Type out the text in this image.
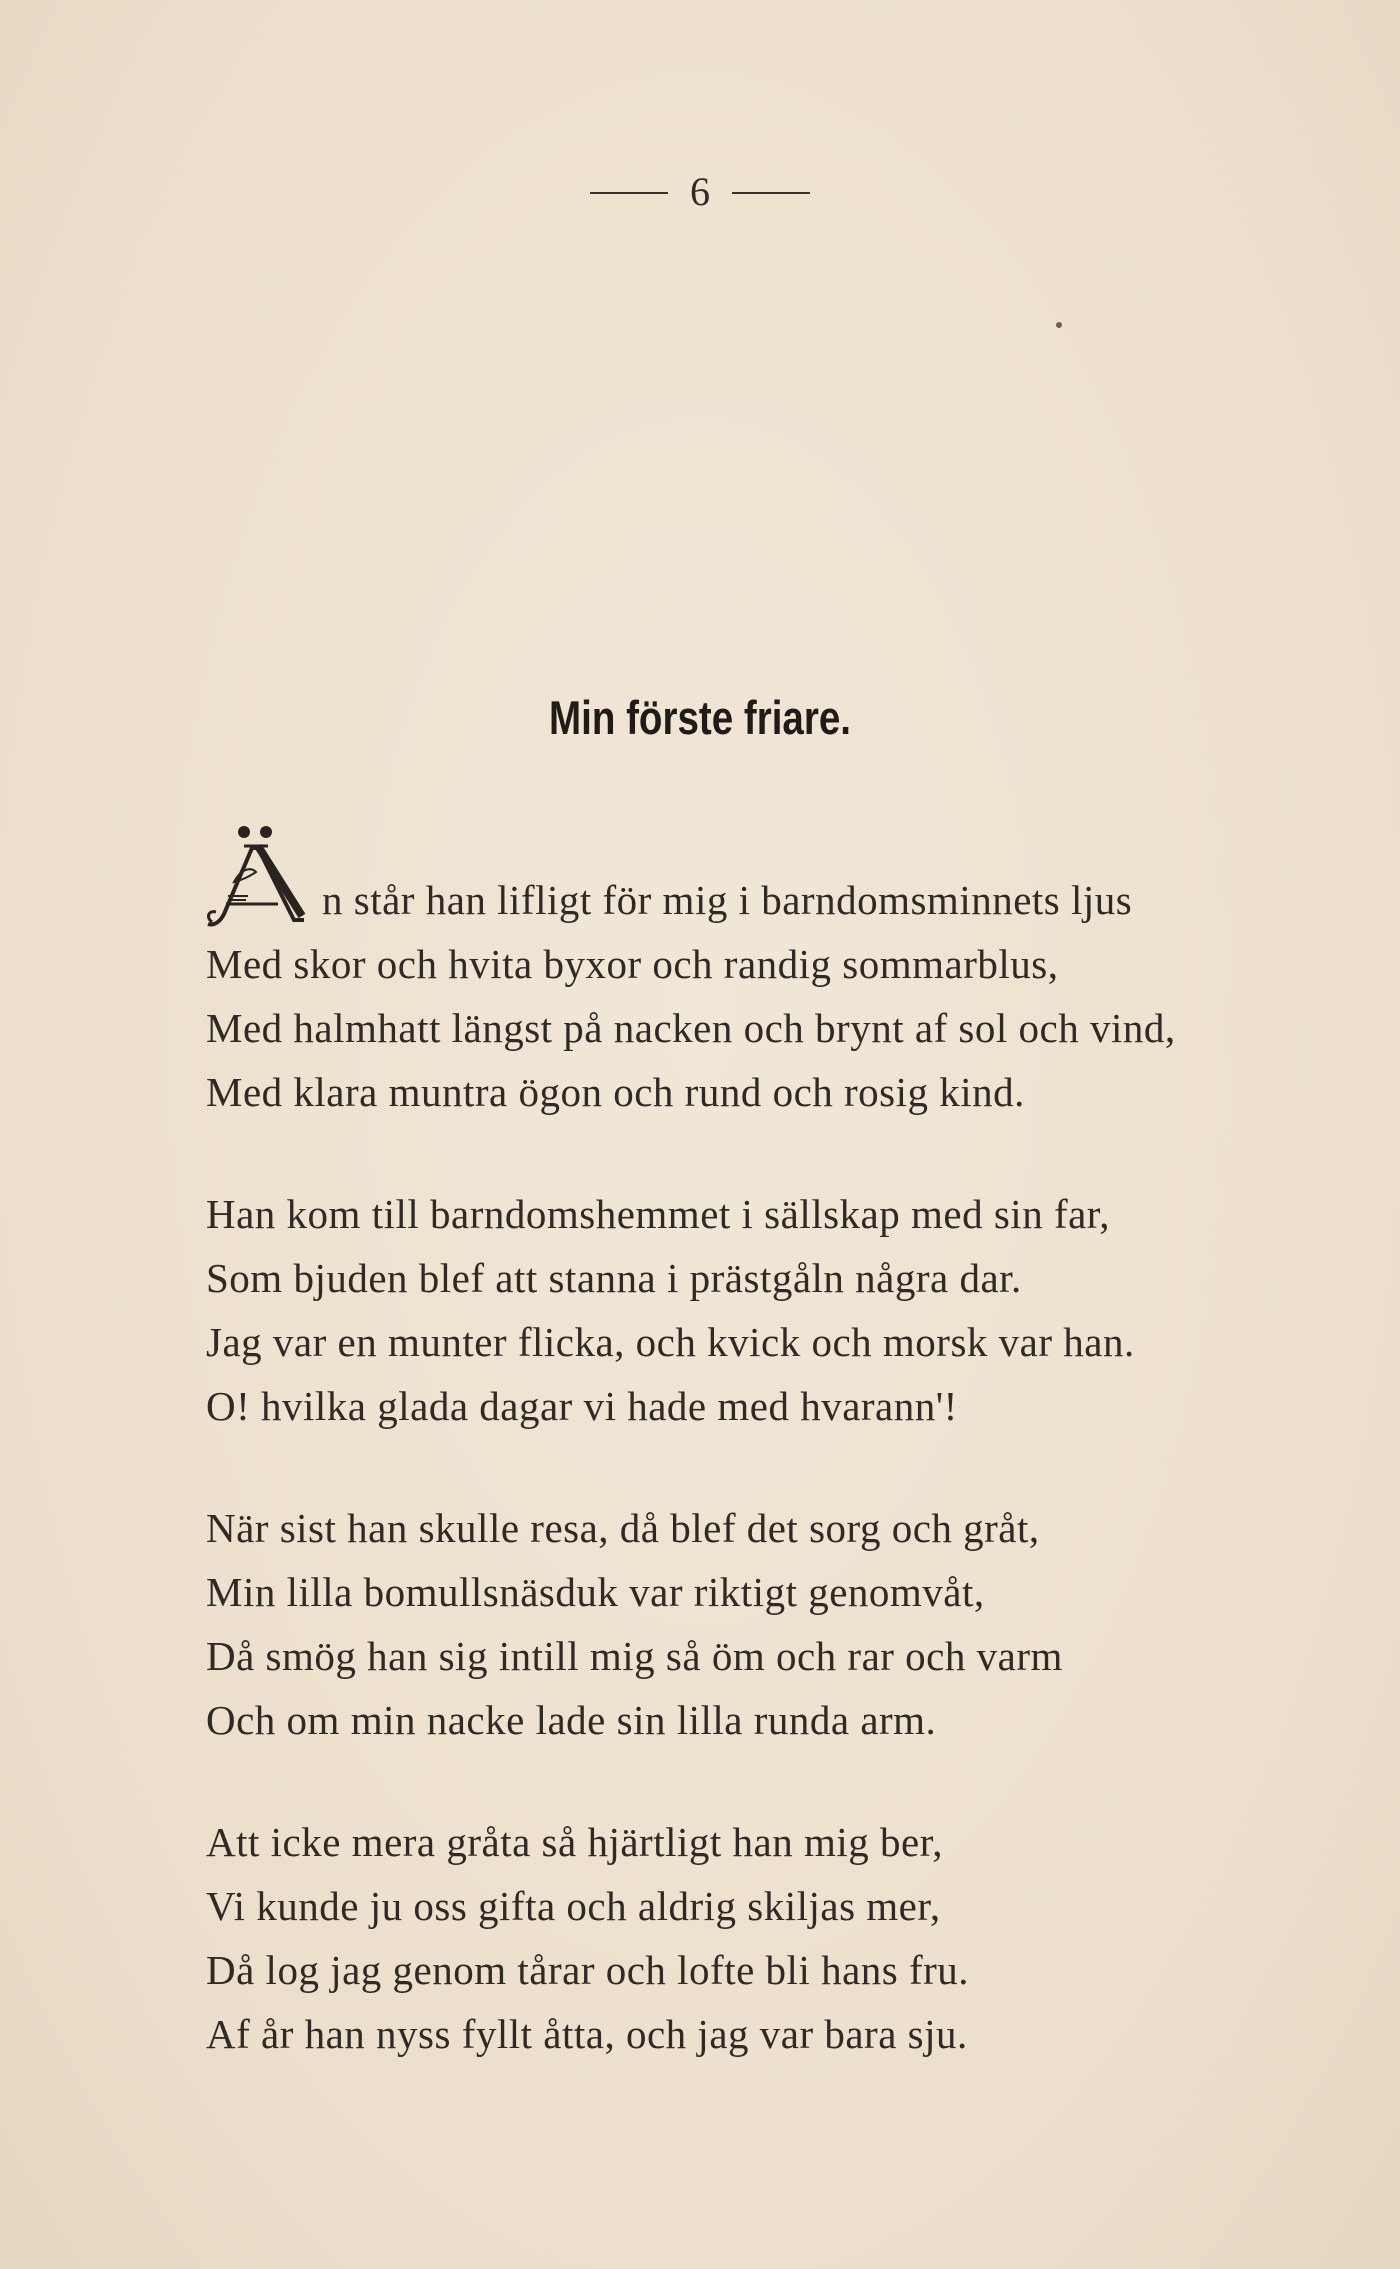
6
Min förste friare.
n står han lifligt för mig i barndomsminnets ljus
Med skor och hvita byxor och randig sommarblus,
Med halmhatt längst på nacken och brynt af sol och vind,
Med klara muntra ögon och rund och rosig kind.
Han kom till barndomshemmet i sällskap med sin far,
Som bjuden blef att stanna i prästgåln några dar.
Jag var en munter flicka, och kvick och morsk var han.
O! hvilka glada dagar vi hade med hvarann'!
När sist han skulle resa, då blef det sorg och gråt,
Min lilla bomullsnäsduk var riktigt genomvåt,
Då smög han sig intill mig så öm och rar och varm
Och om min nacke lade sin lilla runda arm.
Att icke mera gråta så hjärtligt han mig ber,
Vi kunde ju oss gifta och aldrig skiljas mer,
Då log jag genom tårar och lofte bli hans fru.
Af år han nyss fyllt åtta, och jag var bara sju.
